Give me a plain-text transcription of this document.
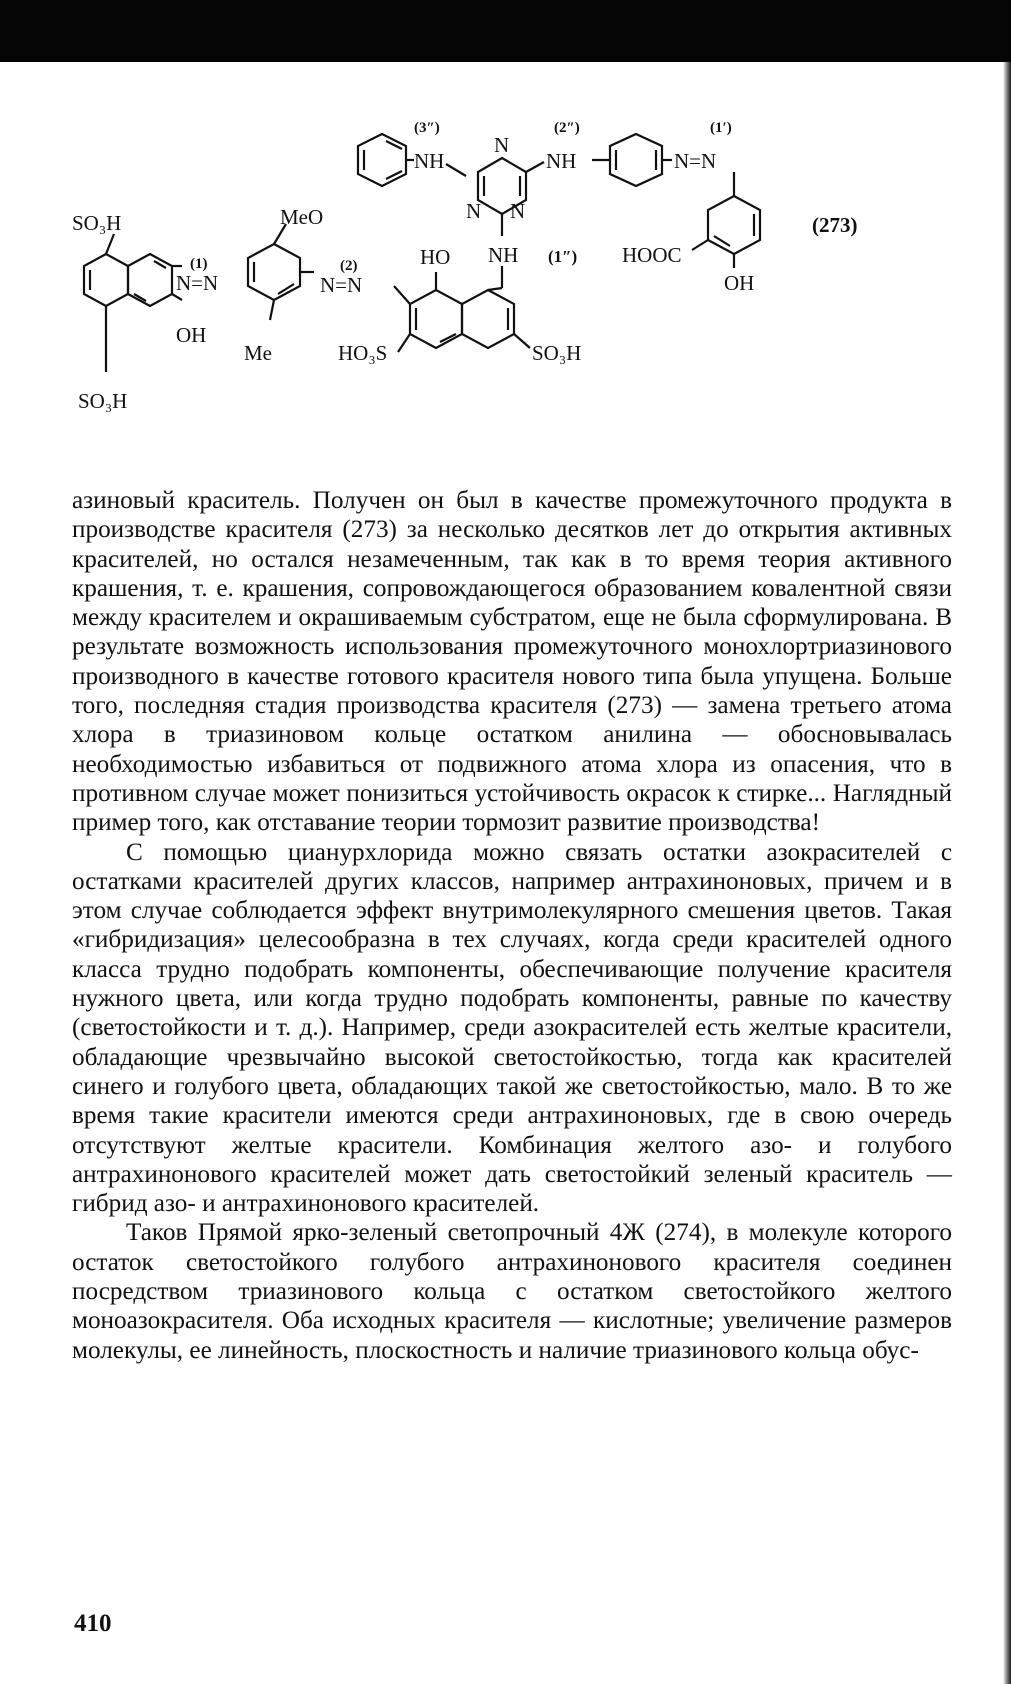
(3″)
NH
N
(2″)
NH
(1′)
N=N
N N
SO₃H	MeO	(273)
HO NH (1″) HOOC
(1)	(2)
OH
N=N	N=N
OH
Me	HO₃S	SO₃H
SO₃H

азиновый краситель. Получен он был в качестве промежуточного продукта в производстве красителя (273) за несколько десятков лет до открытия активных красителей, но остался незамеченным, так как в то время теория активного крашения, т. е. крашения, сопровождающегося образованием ковалентной связи между красителем и окрашиваемым субстратом, еще не была сформулирована. В результате возможность использования промежуточного монохлортриазинового производного в качестве готового красителя нового типа была упущена. Больше того, последняя стадия производства красителя (273) — замена третьего атома хлора в триазиновом кольце остатком анилина — обосновывалась необходимостью избавиться от подвижного атома хлора из опасения, что в противном случае может понизиться устойчивость окрасок к стирке... Наглядный пример того, как отставание теории тормозит развитие производства!

С помощью цианурхлорида можно связать остатки азокрасителей с остатками красителей других классов, например антрахиноновых, причем и в этом случае соблюдается эффект внутримолекулярного смешения цветов. Такая «гибридизация» целесообразна в тех случаях, когда среди красителей одного класса трудно подобрать компоненты, обеспечивающие получение красителя нужного цвета, или когда трудно подобрать компоненты, равные по качеству (светостойкости и т. д.). Например, среди азокрасителей есть желтые красители, обладающие чрезвычайно высокой светостойкостью, тогда как красителей синего и голубого цвета, обладающих такой же светостойкостью, мало. В то же время такие красители имеются среди антрахиноновых, где в свою очередь отсутствуют желтые красители. Комбинация желтого азо- и голубого антрахинонового красителей может дать светостойкий зеленый краситель — гибрид азо- и антрахинонового красителей.

Таков Прямой ярко-зеленый светопрочный 4Ж (274), в молекуле которого остаток светостойкого голубого антрахинонового красителя соединен посредством триазинового кольца с остатком светостойкого желтого моноазокрасителя. Оба исходных красителя — кислотные; увеличение размеров молекулы, ее линейность, плоскостность и наличие триазинового кольца обус-

410
